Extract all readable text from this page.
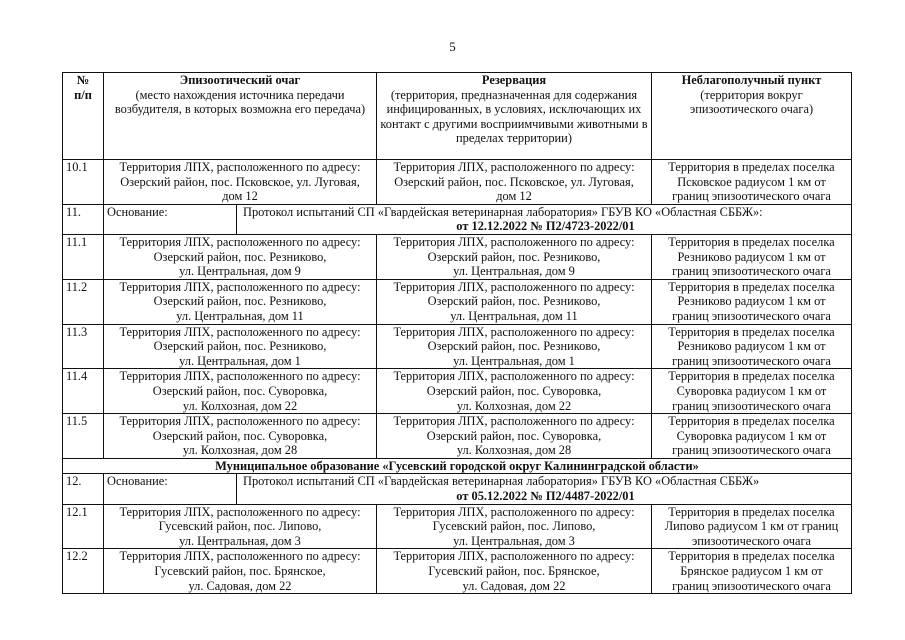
5
№
п/п	Эпизоотический очаг
(место нахождения источника передачи возбудителя, в которых возможна его передача)		Резервация
(территория, предназначенная для содержания инфицированных, в условиях, исключающих их контакт с другими восприимчивыми животными в пределах территории)	Неблагополучный пункт
(территория вокруг эпизоотического очага)
10.1	Территория ЛПХ, расположенного по адресу:
Озерский район, пос. Псковское, ул. Луговая,
дом 12		Территория ЛПХ, расположенного по адресу:
Озерский район, пос. Псковское, ул. Луговая,
дом 12	Территория в пределах поселка
Псковское радиусом 1 км от
границ эпизоотического очага

11.	Основание:	Протокол испытаний СП «Гвардейская ветеринарная лаборатория» ГБУВ КО «Областная СББЖ»:
от 12.12.2022 № П2/4723-2022/01		

11.1	Территория ЛПХ, расположенного по адресу:
Озерский район, пос. Резниково,
ул. Центральная, дом 9		Территория ЛПХ, расположенного по адресу:
Озерский район, пос. Резниково,
ул. Центральная, дом 9	Территория в пределах поселка
Резниково радиусом 1 км от
границ эпизоотического очага

11.2	Территория ЛПХ, расположенного по адресу:
Озерский район, пос. Резниково,
ул. Центральная, дом 11		Территория ЛПХ, расположенного по адресу:
Озерский район, пос. Резниково,
ул. Центральная, дом 11	Территория в пределах поселка
Резниково радиусом 1 км от
границ эпизоотического очага

11.3	Территория ЛПХ, расположенного по адресу:
Озерский район, пос. Резниково,
ул. Центральная, дом 1		Территория ЛПХ, расположенного по адресу:
Озерский район, пос. Резниково,
ул. Центральная, дом 1	Территория в пределах поселка
Резниково радиусом 1 км от
границ эпизоотического очага

11.4	Территория ЛПХ, расположенного по адресу:
Озерский район, пос. Суворовка,
ул. Колхозная, дом 22		Территория ЛПХ, расположенного по адресу:
Озерский район, пос. Суворовка,
ул. Колхозная, дом 22	Территория в пределах поселка
Суворовка радиусом 1 км от
границ эпизоотического очага

11.5	Территория ЛПХ, расположенного по адресу:
Озерский район, пос. Суворовка,
ул. Колхозная, дом 28		Территория ЛПХ, расположенного по адресу:
Озерский район, пос. Суворовка,
ул. Колхозная, дом 28	Территория в пределах поселка
Суворовка радиусом 1 км от
границ эпизоотического очага

Муниципальное образование «Гусевский городской округ Калининградской области»				
12.	Основание:	Протокол испытаний СП «Гвардейская ветеринарная лаборатория» ГБУВ КО «Областная СББЖ»
от 05.12.2022 № П2/4487-2022/01		

12.1	Территория ЛПХ, расположенного по адресу:
Гусевский район, пос. Липово,
ул. Центральная, дом 3		Территория ЛПХ, расположенного по адресу:
Гусевский район, пос. Липово,
ул. Центральная, дом 3	Территория в пределах поселка
Липово радиусом 1 км от границ
эпизоотического очага

12.2	Территория ЛПХ, расположенного по адресу:
Гусевский район, пос. Брянское,
ул. Садовая, дом 22		Территория ЛПХ, расположенного по адресу:
Гусевский район, пос. Брянское,
ул. Садовая, дом 22	Территория в пределах поселка
Брянское радиусом 1 км от
границ эпизоотического очага
